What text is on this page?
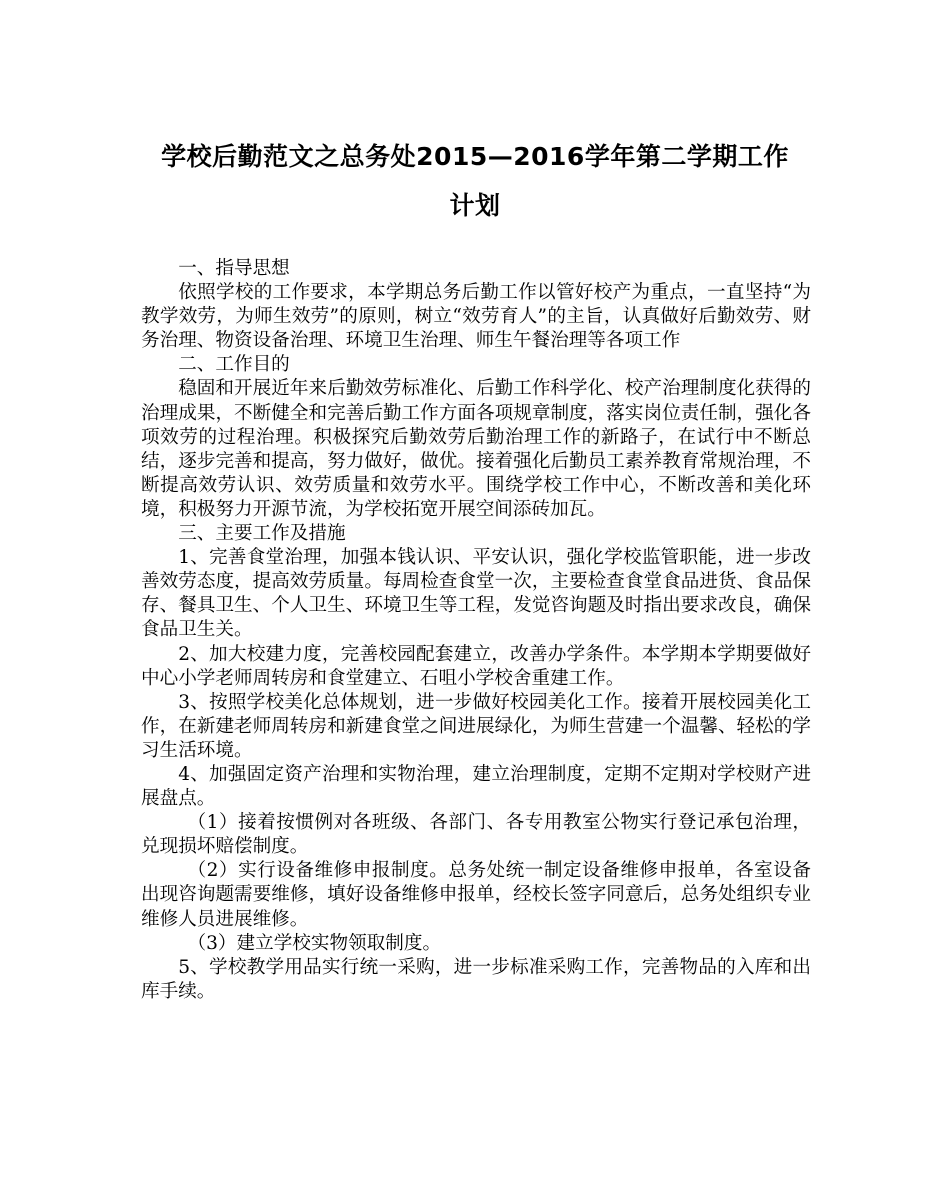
学校后勤范文之总务处2015—2016学年第二学期工作
计划

一、指导思想

依照学校的工作要求，本学期总务后勤工作以管好校产为重点，一直坚持“为教学效劳，为师生效劳”的原则，树立“效劳育人”的主旨，认真做好后勤效劳、财务治理、物资设备治理、环境卫生治理、师生午餐治理等各项工作

二、工作目的

稳固和开展近年来后勤效劳标准化、后勤工作科学化、校产治理制度化获得的治理成果，不断健全和完善后勤工作方面各项规章制度，落实岗位责任制，强化各项效劳的过程治理。积极探究后勤效劳后勤治理工作的新路子，在试行中不断总结，逐步完善和提高，努力做好，做优。接着强化后勤员工素养教育常规治理，不断提高效劳认识、效劳质量和效劳水平。围绕学校工作中心，不断改善和美化环境，积极努力开源节流，为学校拓宽开展空间添砖加瓦。

三、主要工作及措施

1、完善食堂治理，加强本钱认识、平安认识，强化学校监管职能，进一步改善效劳态度，提高效劳质量。每周检查食堂一次，主要检查食堂食品进货、食品保存、餐具卫生、个人卫生、环境卫生等工程，发觉咨询题及时指出要求改良，确保食品卫生关。

2、加大校建力度，完善校园配套建立，改善办学条件。本学期本学期要做好中心小学老师周转房和食堂建立、石咀小学校舍重建工作。

3、按照学校美化总体规划，进一步做好校园美化工作。接着开展校园美化工作，在新建老师周转房和新建食堂之间进展绿化，为师生营建一个温馨、轻松的学习生活环境。

4、加强固定资产治理和实物治理，建立治理制度，定期不定期对学校财产进展盘点。

（1）接着按惯例对各班级、各部门、各专用教室公物实行登记承包治理，兑现损坏赔偿制度。

（2）实行设备维修申报制度。总务处统一制定设备维修申报单，各室设备出现咨询题需要维修，填好设备维修申报单，经校长签字同意后，总务处组织专业维修人员进展维修。

（3）建立学校实物领取制度。

5、学校教学用品实行统一采购，进一步标准采购工作，完善物品的入库和出库手续。
